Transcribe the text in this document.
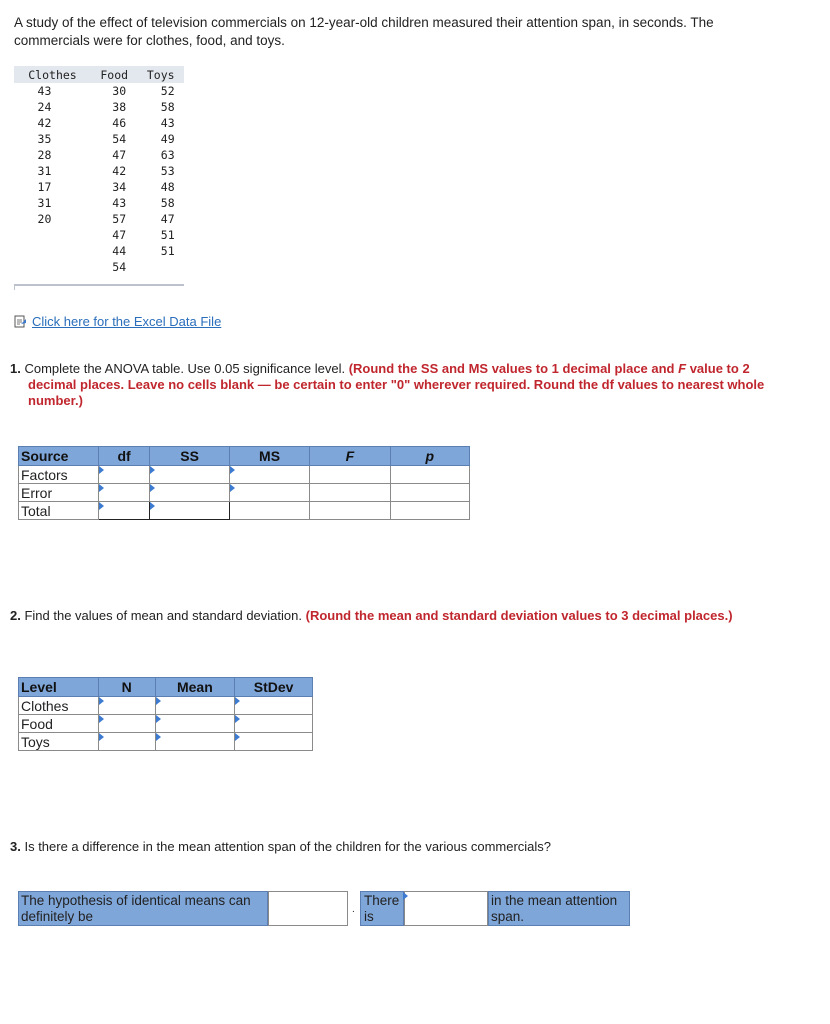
A study of the effect of television commercials on 12-year-old children measured their attention span, in seconds. The commercials were for clothes, food, and toys.
Clothes	Food	Toys
43	30	52
24	38	58
42	46	43
35	54	49
28	47	63
31	42	53
17	34	48
31	43	58
20	57	47
	47	51
	44	51
	54	
Click here for the Excel Data File
1. Complete the ANOVA table. Use 0.05 significance level. (Round the SS and MS values to 1 decimal place and F value to 2 decimal places. Leave no cells blank — be certain to enter "0" wherever required. Round the df values to nearest whole number.)
Source	df	SS	MS	F	p
Factors	

Error	

Total	

2. Find the values of mean and standard deviation. (Round the mean and standard deviation values to 3 decimal places.)
Level	N	Mean	StDev
Clothes	

Food	

Toys	

3. Is there a difference in the mean attention span of the children for the various commercials?
The hypothesis of identical means can definitely be	.
There is
in the mean attention span.
